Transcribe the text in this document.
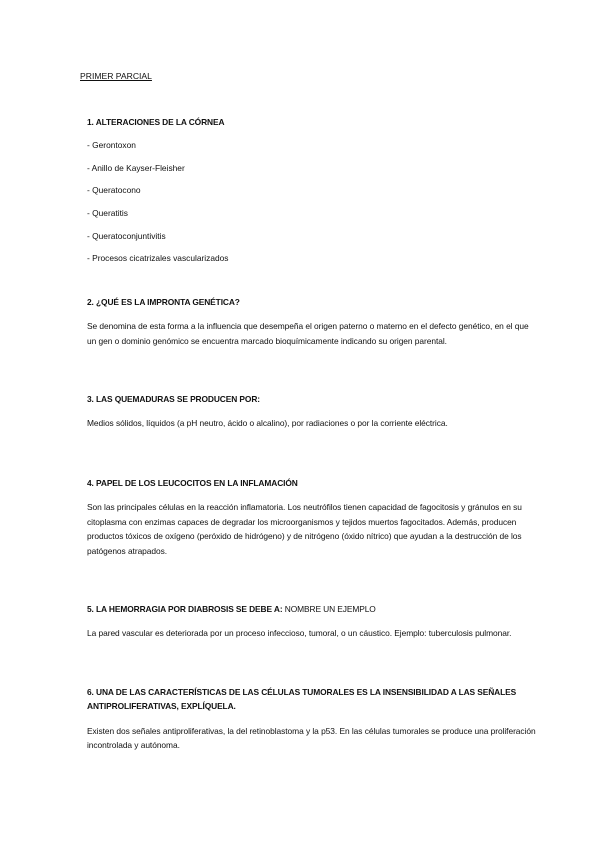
PRIMER PARCIAL

1. ALTERACIONES DE LA CÓRNEA

- Gerontoxon
- Anillo de Kayser-Fleisher
- Queratocono
- Queratitis
- Queratoconjuntivitis
- Procesos cicatrizales vascularizados

2. ¿QUÉ ES LA IMPRONTA GENÉTICA?

Se denomina de esta forma a la influencia que desempeña el origen paterno o materno en el defecto genético, en el que un gen o dominio genómico se encuentra marcado bioquímicamente indicando su origen parental.

3. LAS QUEMADURAS SE PRODUCEN POR:

Medios sólidos, líquidos (a pH neutro, ácido o alcalino), por radiaciones o por la corriente eléctrica.

4. PAPEL DE LOS LEUCOCITOS EN LA INFLAMACIÓN

Son las principales células en la reacción inflamatoria. Los neutrófilos tienen capacidad de fagocitosis y gránulos en su citoplasma con enzimas capaces de degradar los microorganismos y tejidos muertos fagocitados. Además, producen productos tóxicos de oxígeno (peróxido de hidrógeno) y de nitrógeno (óxido nítrico) que ayudan a la destrucción de los patógenos atrapados.

5. LA HEMORRAGIA POR DIABROSIS SE DEBE A: NOMBRE UN EJEMPLO

La pared vascular es deteriorada por un proceso infeccioso, tumoral, o un cáustico. Ejemplo: tuberculosis pulmonar.

6. UNA DE LAS CARACTERÍSTICAS DE LAS CÉLULAS TUMORALES ES LA INSENSIBILIDAD A LAS SEÑALES ANTIPROLIFERATIVAS, EXPLÍQUELA.

Existen dos señales antiproliferativas, la del retinoblastoma y la p53. En las células tumorales se produce una proliferación incontrolada y autónoma.
